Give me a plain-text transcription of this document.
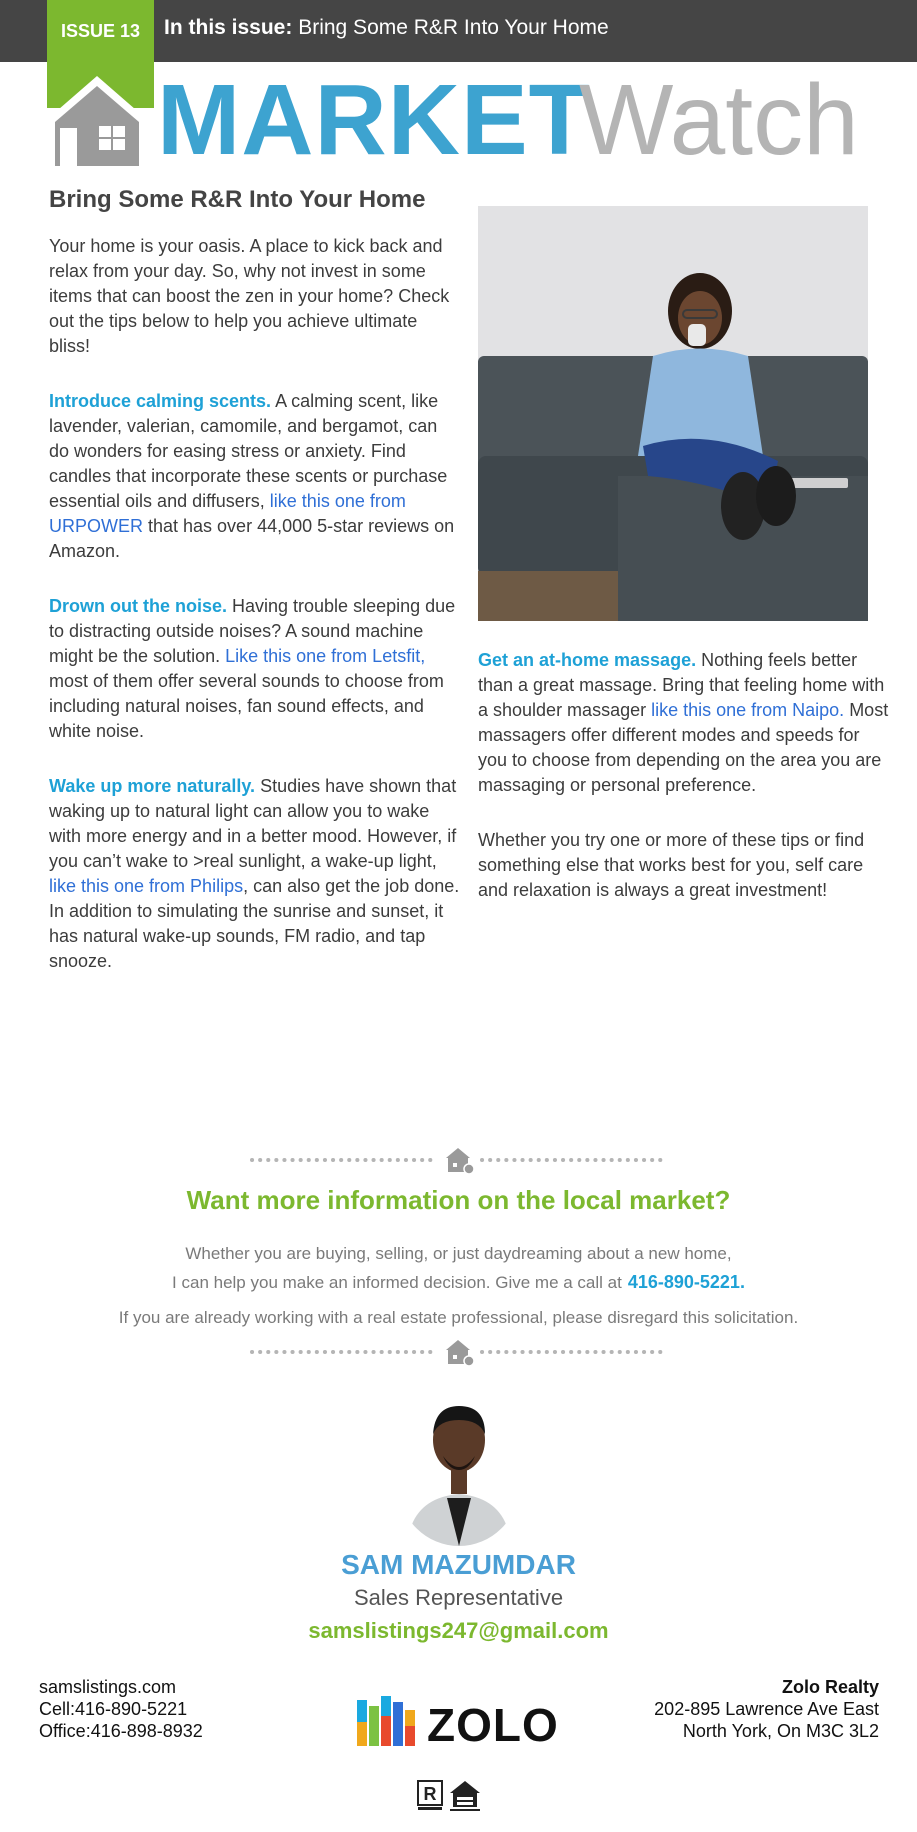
ISSUE 13	In this issue: Bring Some R&R Into Your Home
MARKET
Watch
Bring Some R&R Into Your Home

Your home is your oasis. A place to kick back and relax from your day. So, why not invest in some items that can boost the zen in your home? Check out the tips below to help you achieve ultimate bliss!

Introduce calming scents. A calming scent, like lavender, valerian, camomile, and bergamot, can do wonders for easing stress or anxiety. Find candles that incorporate these scents or purchase essential oils and diffusers, like this one from URPOWER that has over 44,000 5-star reviews on Amazon.

Drown out the noise. Having trouble sleeping due to distracting outside noises? A sound machine might be the solution. Like this one from Letsfit, most of them offer several sounds to choose from including natural noises, fan sound effects, and white noise.

Wake up more naturally. Studies have shown that waking up to natural light can allow you to wake with more energy and in a better mood. However, if you can’t wake to >real sunlight, a wake-up light, like this one from Philips, can also get the job done. In addition to simulating the sunrise and sunset, it has natural wake-up sounds, FM radio, and tap snooze.

Get an at-home massage. Nothing feels better than a great massage. Bring that feeling home with a shoulder massager like this one from Naipo. Most massagers offer different modes and speeds for you to choose from depending on the area you are massaging or personal preference.

Whether you try one or more of these tips or find something else that works best for you, self care and relaxation is always a great investment!

Want more information on the local market?
Whether you are buying, selling, or just daydreaming about a new home,
I can help you make an informed decision. Give me a call at 416-890-5221.
If you are already working with a real estate professional, please disregard this solicitation.
SAM MAZUMDAR
Sales Representative
samslistings247@gmail.com
samslistings.com
Cell:416-890-5221
Office:416-898-8932	ZOLO
Zolo Realty
202-895 Lawrence Ave East
North York, On M3C 3L2
R
